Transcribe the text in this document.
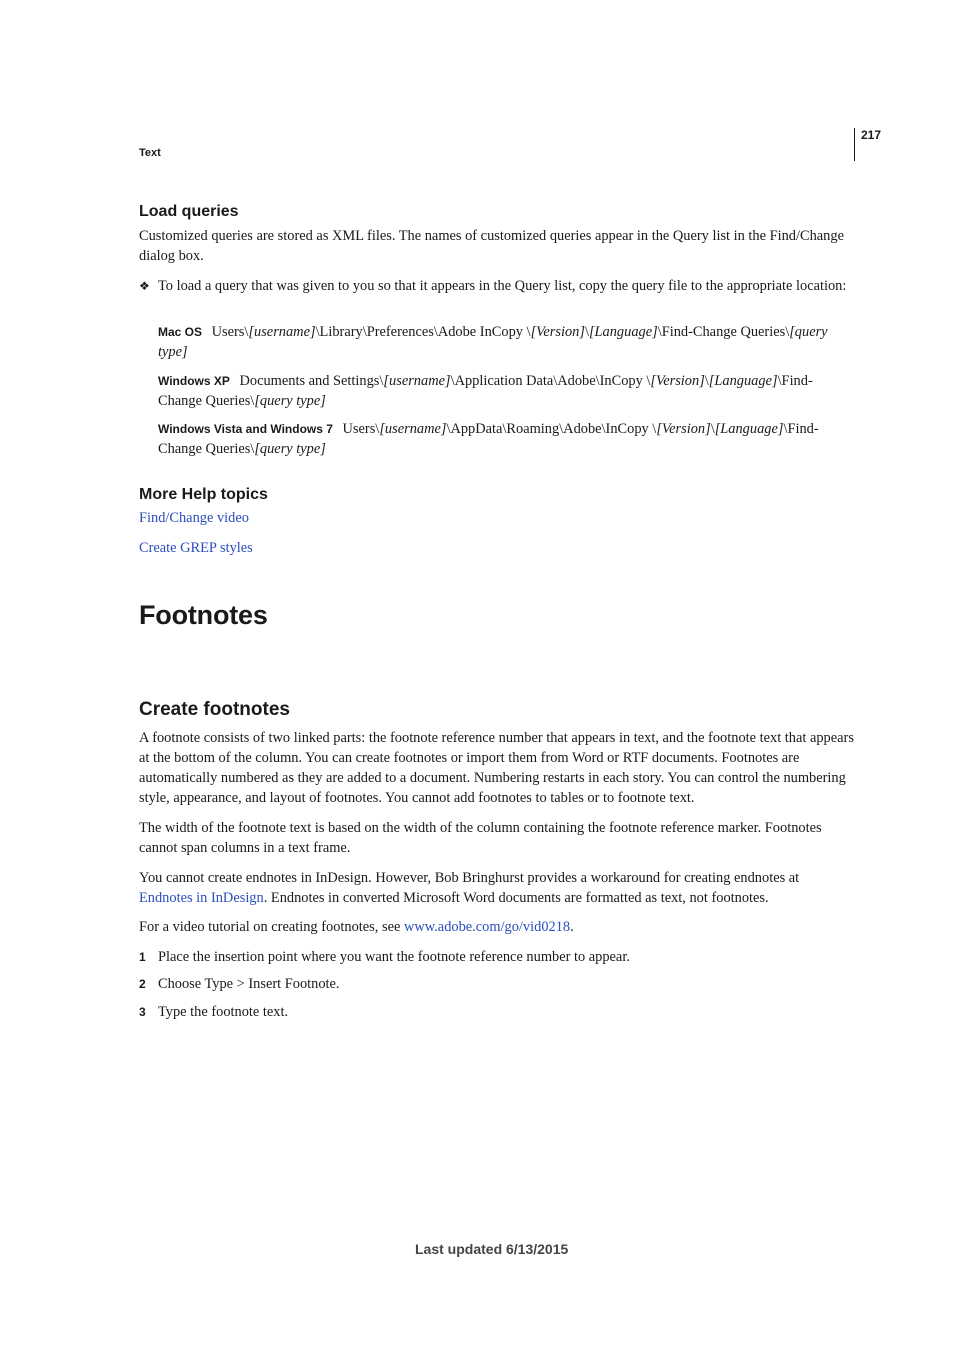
217
Text
Load queries
Customized queries are stored as XML files. The names of customized queries appear in the Query list in the Find/Change dialog box.
❖ To load a query that was given to you so that it appears in the Query list, copy the query file to the appropriate location:
Mac OS Users\[username]\Library\Preferences\Adobe InCopy \[Version]\[Language]\Find-Change Queries\[query type]
Windows XP Documents and Settings\[username]\Application Data\Adobe\InCopy \[Version]\[Language]\Find-Change Queries\[query type]
Windows Vista and Windows 7 Users\[username]\AppData\Roaming\Adobe\InCopy \[Version]\[Language]\Find-Change Queries\[query type]
More Help topics
Find/Change video
Create GREP styles
Footnotes
Create footnotes
A footnote consists of two linked parts: the footnote reference number that appears in text, and the footnote text that appears at the bottom of the column. You can create footnotes or import them from Word or RTF documents. Footnotes are automatically numbered as they are added to a document. Numbering restarts in each story. You can control the numbering style, appearance, and layout of footnotes. You cannot add footnotes to tables or to footnote text.
The width of the footnote text is based on the width of the column containing the footnote reference marker. Footnotes cannot span columns in a text frame.
You cannot create endnotes in InDesign. However, Bob Bringhurst provides a workaround for creating endnotes at Endnotes in InDesign. Endnotes in converted Microsoft Word documents are formatted as text, not footnotes.
For a video tutorial on creating footnotes, see www.adobe.com/go/vid0218.
1 Place the insertion point where you want the footnote reference number to appear.
2 Choose Type > Insert Footnote.
3 Type the footnote text.
Last updated 6/13/2015
